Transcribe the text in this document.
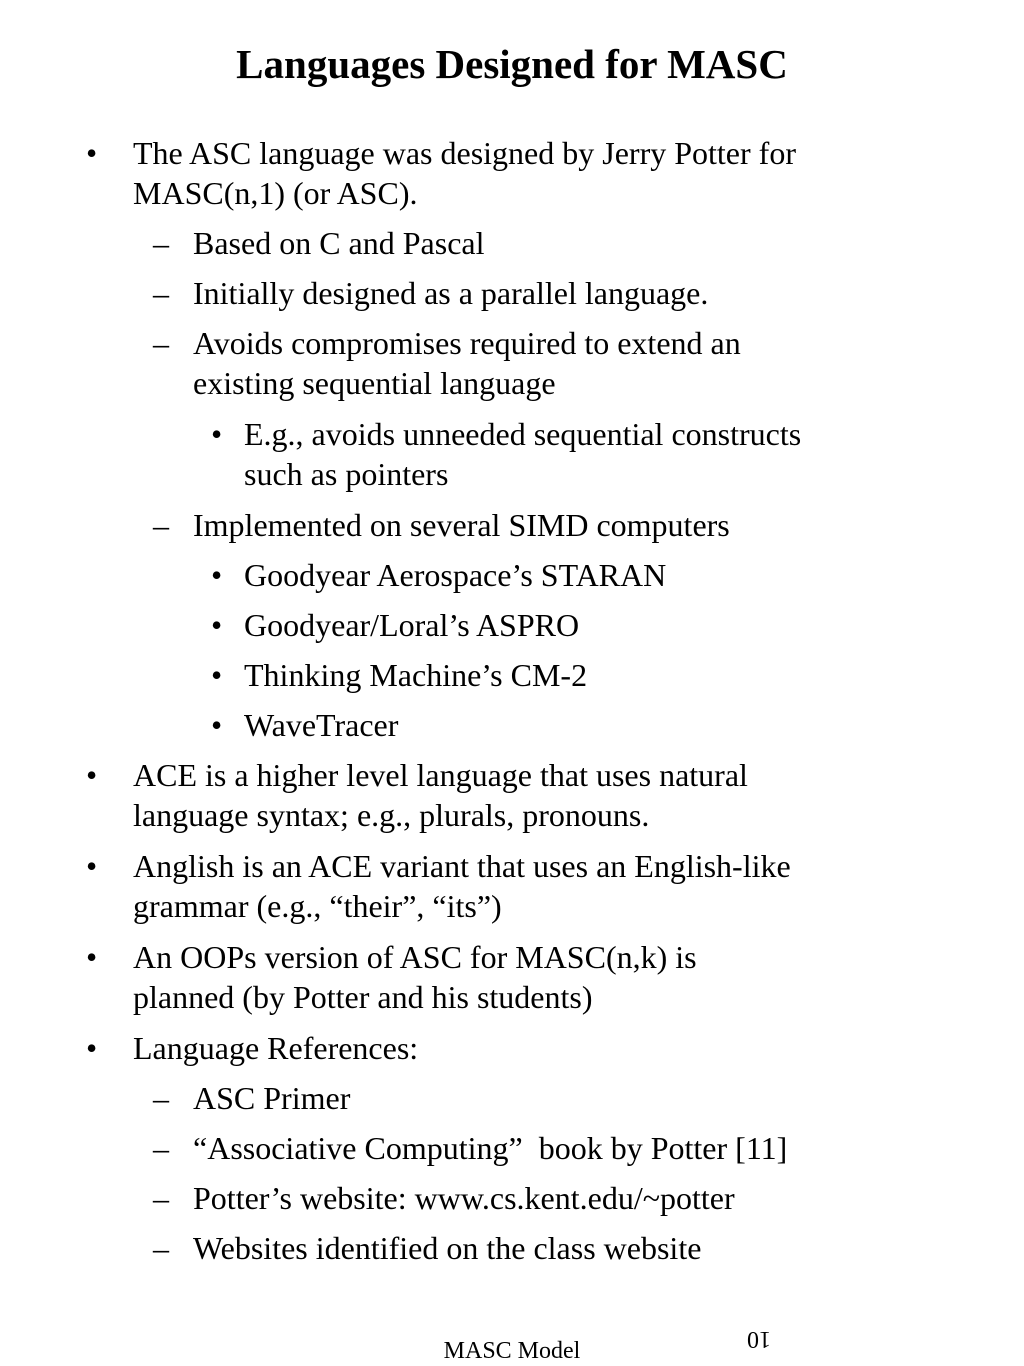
Languages Designed for MASC
• The ASC language was designed by Jerry Potter for
MASC(n,1) (or ASC).
– Based on C and Pascal
– Initially designed as a parallel language.
– Avoids compromises required to extend an
existing sequential language
• E.g., avoids unneeded sequential constructs
such as pointers
– Implemented on several SIMD computers
• Goodyear Aerospace’s STARAN
• Goodyear/Loral’s ASPRO
• Thinking Machine’s CM-2
• WaveTracer
• ACE is a higher level language that uses natural
language syntax; e.g., plurals, pronouns.
• Anglish is an ACE variant that uses an English-like
grammar (e.g., “their”, “its”)
• An OOPs version of ASC for MASC(n,k) is
planned (by Potter and his students)
• Language References:
– ASC Primer
– “Associative Computing”  book by Potter [11]
– Potter’s website: www.cs.kent.edu/~potter
– Websites identified on the class website
MASC Model	10
